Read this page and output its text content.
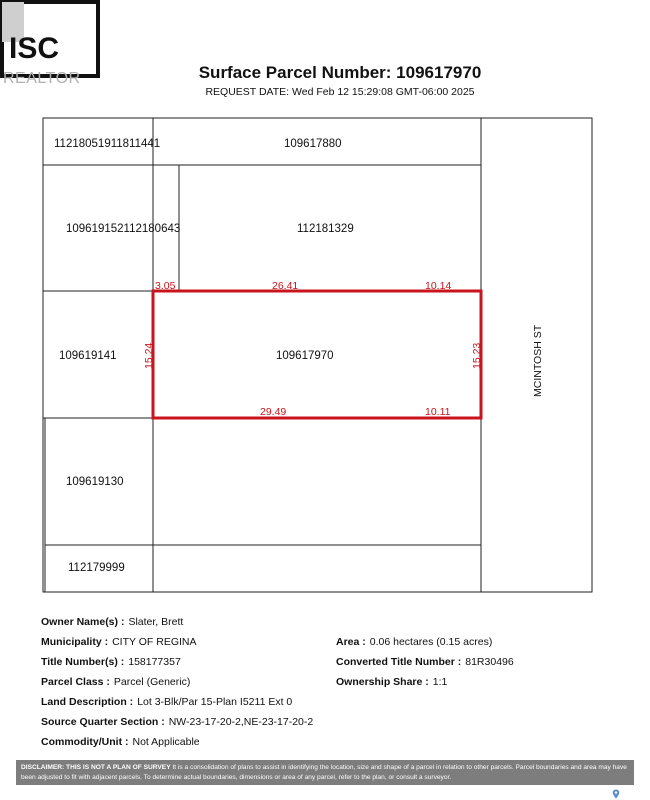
ISC
REALTOR	Surface Parcel Number: 109617970
REQUEST DATE: Wed Feb 12 15:29:08 GMT-06:00 2025
11218051911811441	109617880
109619152112180643	112181329
109619141	109617970
109619130
112179999
3.05	26.41	10.14
29.49	10.11
15.24	15.23	MCINTOSH ST
Owner Name(s) : Slater, Brett
Municipality : CITY OF REGINA	Area : 0.06 hectares (0.15 acres)
Title Number(s) : 158177357	Converted Title Number : 81R30496
Parcel Class : Parcel (Generic)	Ownership Share : 1:1
Land Description : Lot 3-Blk/Par 15-Plan I5211 Ext 0
Source Quarter Section : NW-23-17-20-2,NE-23-17-20-2
Commodity/Unit : Not Applicable
DISCLAIMER: THIS IS NOT A PLAN OF SURVEY It is a consolidation of plans to assist in identifying the location, size and shape of a parcel in relation to other parcels. Parcel boundaries and area may have been adjusted to fit with adjacent parcels. To determine actual boundaries, dimensions or area of any parcel, refer to the plan, or consult a surveyor.
